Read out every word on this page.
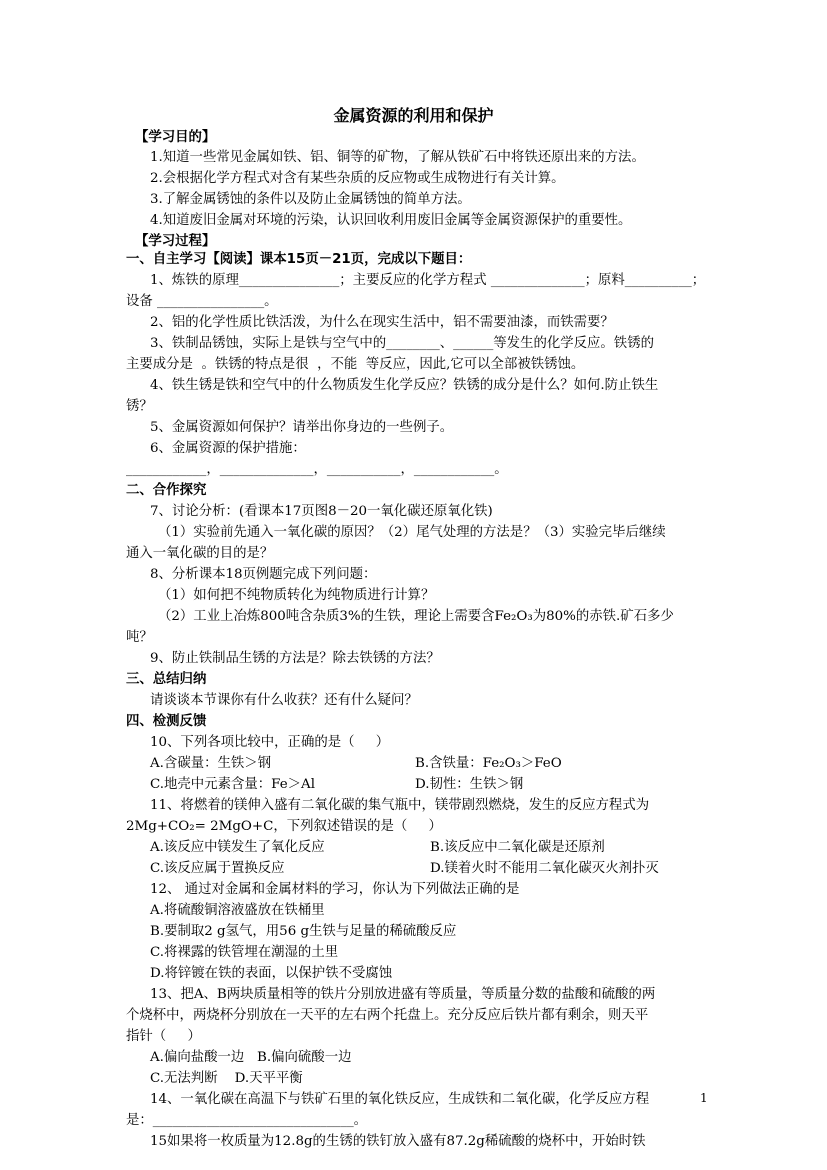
金属资源的利用和保护
【学习目的】
1.知道一些常见金属如铁、铝、铜等的矿物，了解从铁矿石中将铁还原出来的方法。
2.会根据化学方程式对含有某些杂质的反应物或生成物进行有关计算。
3.了解金属锈蚀的条件以及防止金属锈蚀的简单方法。
4.知道废旧金属对环境的污染，认识回收利用废旧金属等金属资源保护的重要性。
【学习过程】
一、自主学习【阅读】课本15页－21页，完成以下题目：
1、炼铁的原理_______________；主要反应的化学方程式 ______________；原料__________；
设备 ________________。
2、铝的化学性质比铁活泼，为什么在现实生活中，铝不需要油漆，而铁需要？
3、铁制品锈蚀，实际上是铁与空气中的________、______等发生的化学反应。铁锈的
主要成分是  。铁锈的特点是很  ，不能  等反应，因此,它可以全部被铁锈蚀。
4、铁生锈是铁和空气中的什么物质发生化学反应？铁锈的成分是什么？如何.防止铁生
锈？
5、金属资源如何保护？请举出你身边的一些例子。
6、金属资源的保护措施：
____________，______________，___________，____________。
二、合作探究
7、讨论分析：(看课本17页图8－20一氧化碳还原氧化铁)
（1）实验前先通入一氧化碳的原因？（2）尾气处理的方法是？（3）实验完毕后继续
通入一氧化碳的目的是？
8、分析课本18页例题完成下列问题：
（1）如何把不纯物质转化为纯物质进行计算？
（2）工业上冶炼800吨含杂质3%的生铁，理论上需要含Fe₂O₃为80%的赤铁.矿石多少
吨？
9、防止铁制品生锈的方法是？除去铁锈的方法？
三、总结归纳
请谈谈本节课你有什么收获？还有什么疑问？
四、检测反馈
10、下列各项比较中，正确的是（     ）
A.含碳量：生铁＞钢	B.含铁量：Fe₂O₃＞FeO
C.地壳中元素含量：Fe＞Al	D.韧性：生铁＞钢
11、将燃着的镁伸入盛有二氧化碳的集气瓶中，镁带剧烈燃烧，发生的反应方程式为
2Mg+CO₂= 2MgO+C，下列叙述错误的是（     ）
A.该反应中镁发生了氧化反应	B.该反应中二氧化碳是还原剂
C.该反应属于置换反应	D.镁着火时不能用二氧化碳灭火剂扑灭
12、 通过对金属和金属材料的学习，你认为下列做法正确的是
A.将硫酸铜溶液盛放在铁桶里
B.要制取2 g氢气，用56 g生铁与足量的稀硫酸反应
C.将裸露的铁管埋在潮湿的土里
D.将锌镀在铁的表面，以保护铁不受腐蚀
13、把A、B两块质量相等的铁片分别放进盛有等质量，等质量分数的盐酸和硫酸的两
个烧杯中，两烧杯分别放在一天平的左右两个托盘上。充分反应后铁片都有剩余，则天平
指针（     ）
A.偏向盐酸一边   B.偏向硫酸一边
C.无法判断    D.天平平衡
14、一氧化碳在高温下与铁矿石里的氧化铁反应，生成铁和二氧化碳，化学反应方程
是：______________________________。
15如果将一枚质量为12.8g的生锈的铁钉放入盛有87.2g稀硫酸的烧杯中，开始时铁
1
